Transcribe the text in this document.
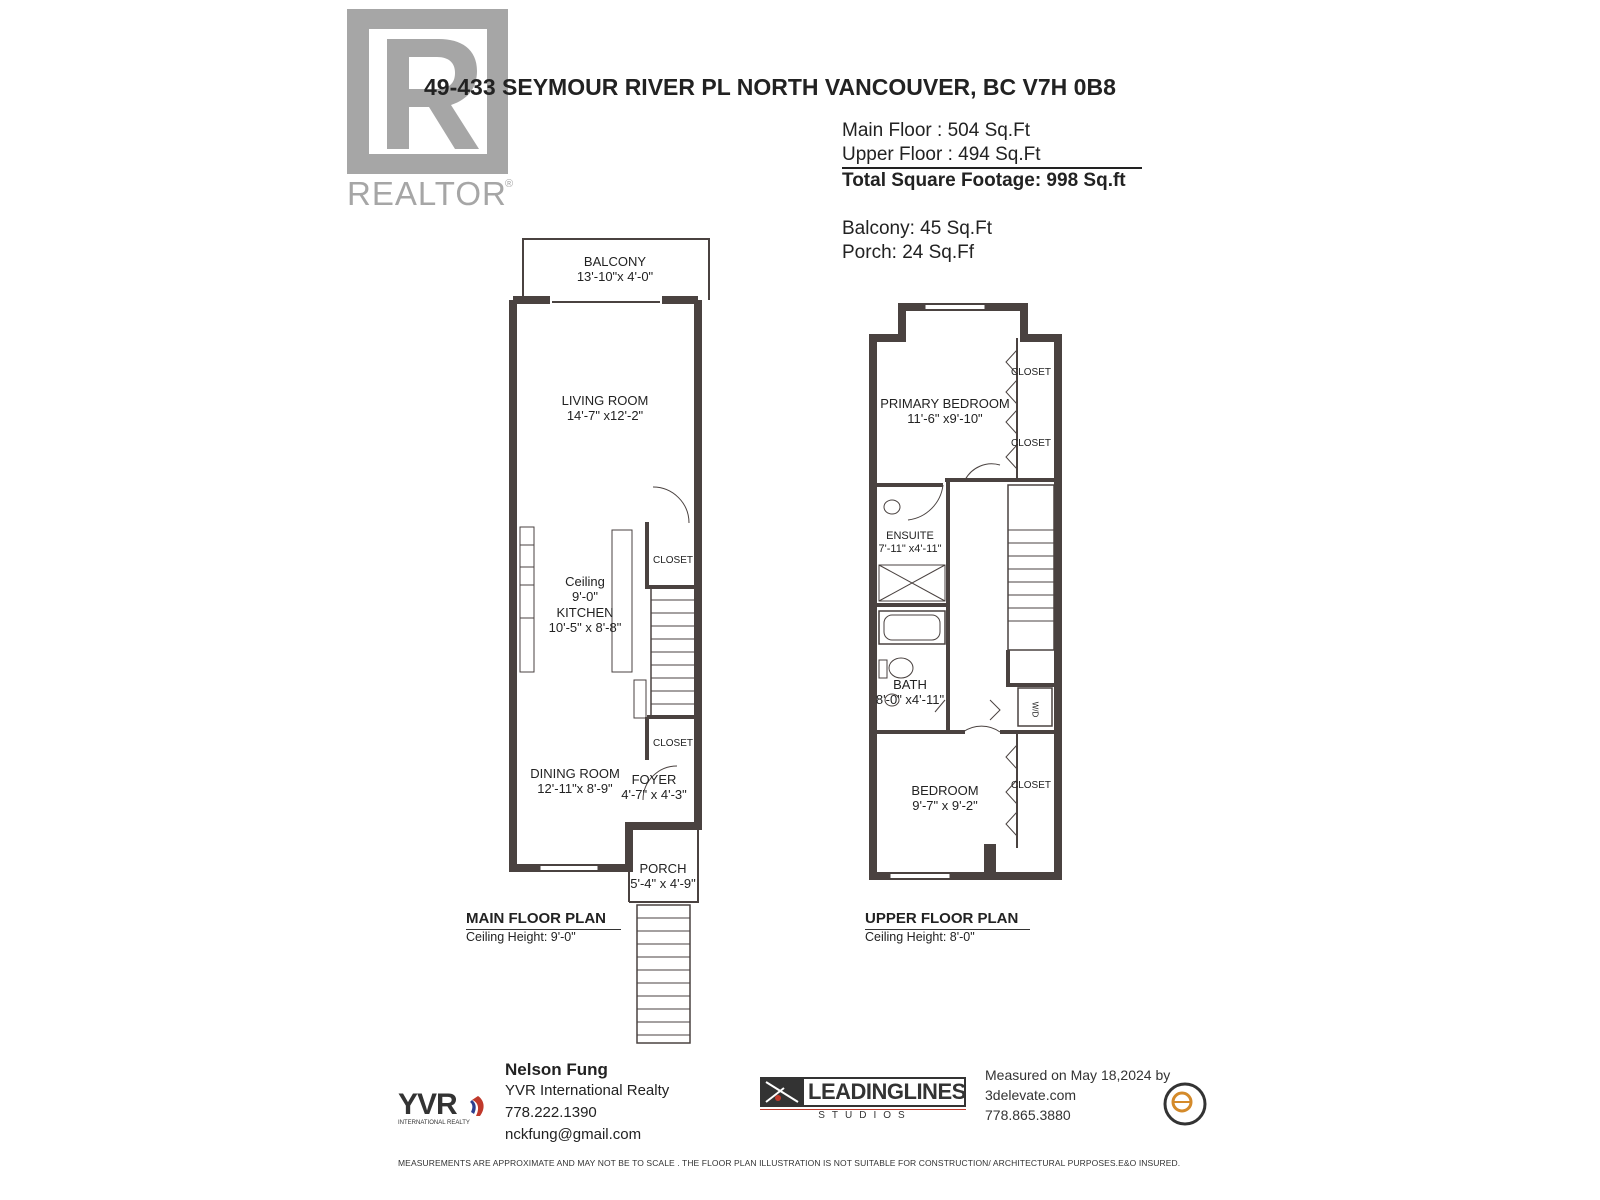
REALTOR
®
49-433 SEYMOUR RIVER PL NORTH VANCOUVER, BC V7H 0B8
Main Floor : 504 Sq.Ft
Upper Floor : 494 Sq.Ft
Total Square Footage: 998 Sq.ft
Balcony: 45 Sq.Ft
Porch: 24 Sq.Ff
BALCONY
13'-10"x 4'-0"
LIVING ROOM
14'-7" x12'-2"
Ceiling
9'-0"
KITCHEN
10'-5" x 8'-8"
CLOSET
CLOSET
DINING ROOM
12'-11"x 8'-9"
FOYER
4'-7" x 4'-3"
PORCH
5'-4" x 4'-9"
PRIMARY BEDROOM
11'-6" x9'-10"
CLOSET
CLOSET
ENSUITE
7'-11" x4'-11"
BATH
8'-0" x4'-11"
W/D
CLOSET
BEDROOM
9'-7" x 9'-2"
MAIN FLOOR PLAN
Ceiling Height: 9'-0"
UPPER FLOOR PLAN
Ceiling Height: 8'-0"
YVR
INTERNATIONAL REALTY
Nelson Fung
YVR International Realty
778.222.1390
nckfung@gmail.com
LEADINGLINES
STUDIOS
Measured on May 18,2024 by
3delevate.com
778.865.3880
MEASUREMENTS ARE APPROXIMATE AND MAY NOT BE TO SCALE . THE FLOOR PLAN ILLUSTRATION IS NOT SUITABLE FOR CONSTRUCTION/ ARCHITECTURAL PURPOSES.E&O INSURED.
